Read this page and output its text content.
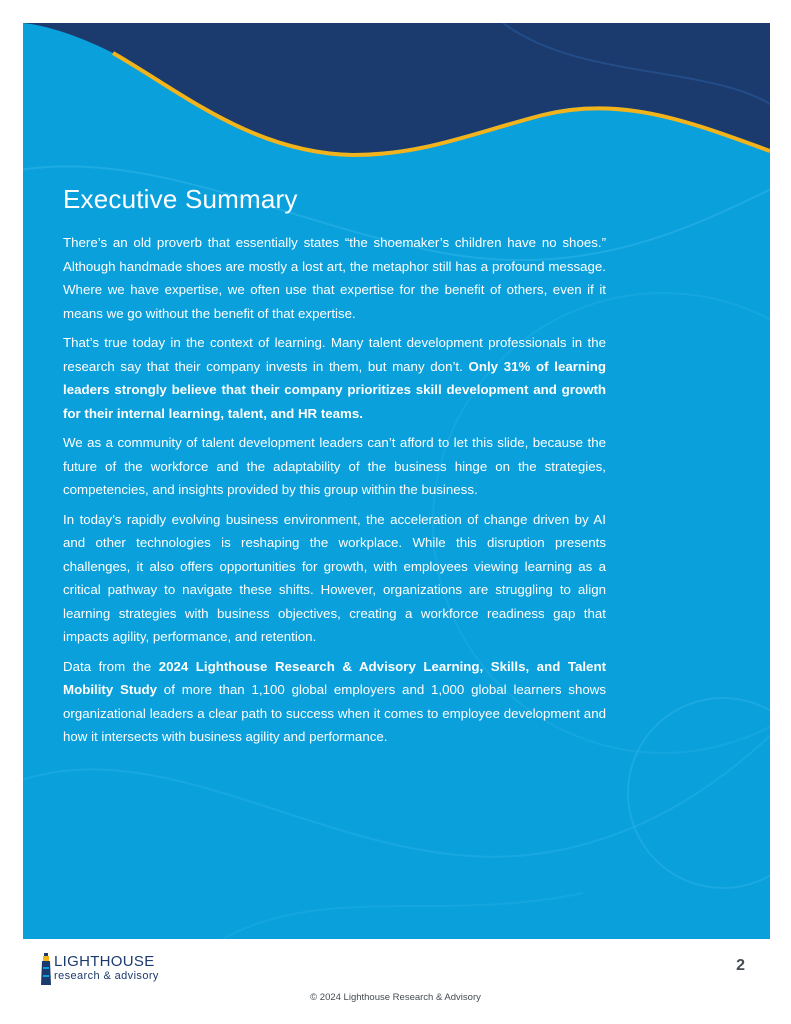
Executive Summary

There’s an old proverb that essentially states “the shoemaker’s children have no shoes.” Although handmade shoes are mostly a lost art, the metaphor still has a profound message. Where we have expertise, we often use that expertise for the benefit of others, even if it means we go without the benefit of that expertise.

That’s true today in the context of learning. Many talent development professionals in the research say that their company invests in them, but many don’t. Only 31% of learning leaders strongly believe that their company prioritizes skill development and growth for their internal learning, talent, and HR teams.

We as a community of talent development leaders can’t afford to let this slide, because the future of the workforce and the adaptability of the business hinge on the strategies, competencies, and insights provided by this group within the business.

In today’s rapidly evolving business environment, the acceleration of change driven by AI and other technologies is reshaping the workplace. While this disruption presents challenges, it also offers opportunities for growth, with employees viewing learning as a critical pathway to navigate these shifts. However, organizations are struggling to align learning strategies with business objectives, creating a workforce readiness gap that impacts agility, performance, and retention.

Data from the 2024 Lighthouse Research & Advisory Learning, Skills, and Talent Mobility Study of more than 1,100 global employers and 1,000 global learners shows organizational leaders a clear path to success when it comes to employee development and how it intersects with business agility and performance.

LIGHTHOUSE
research & advisory
2
© 2024 Lighthouse Research & Advisory
